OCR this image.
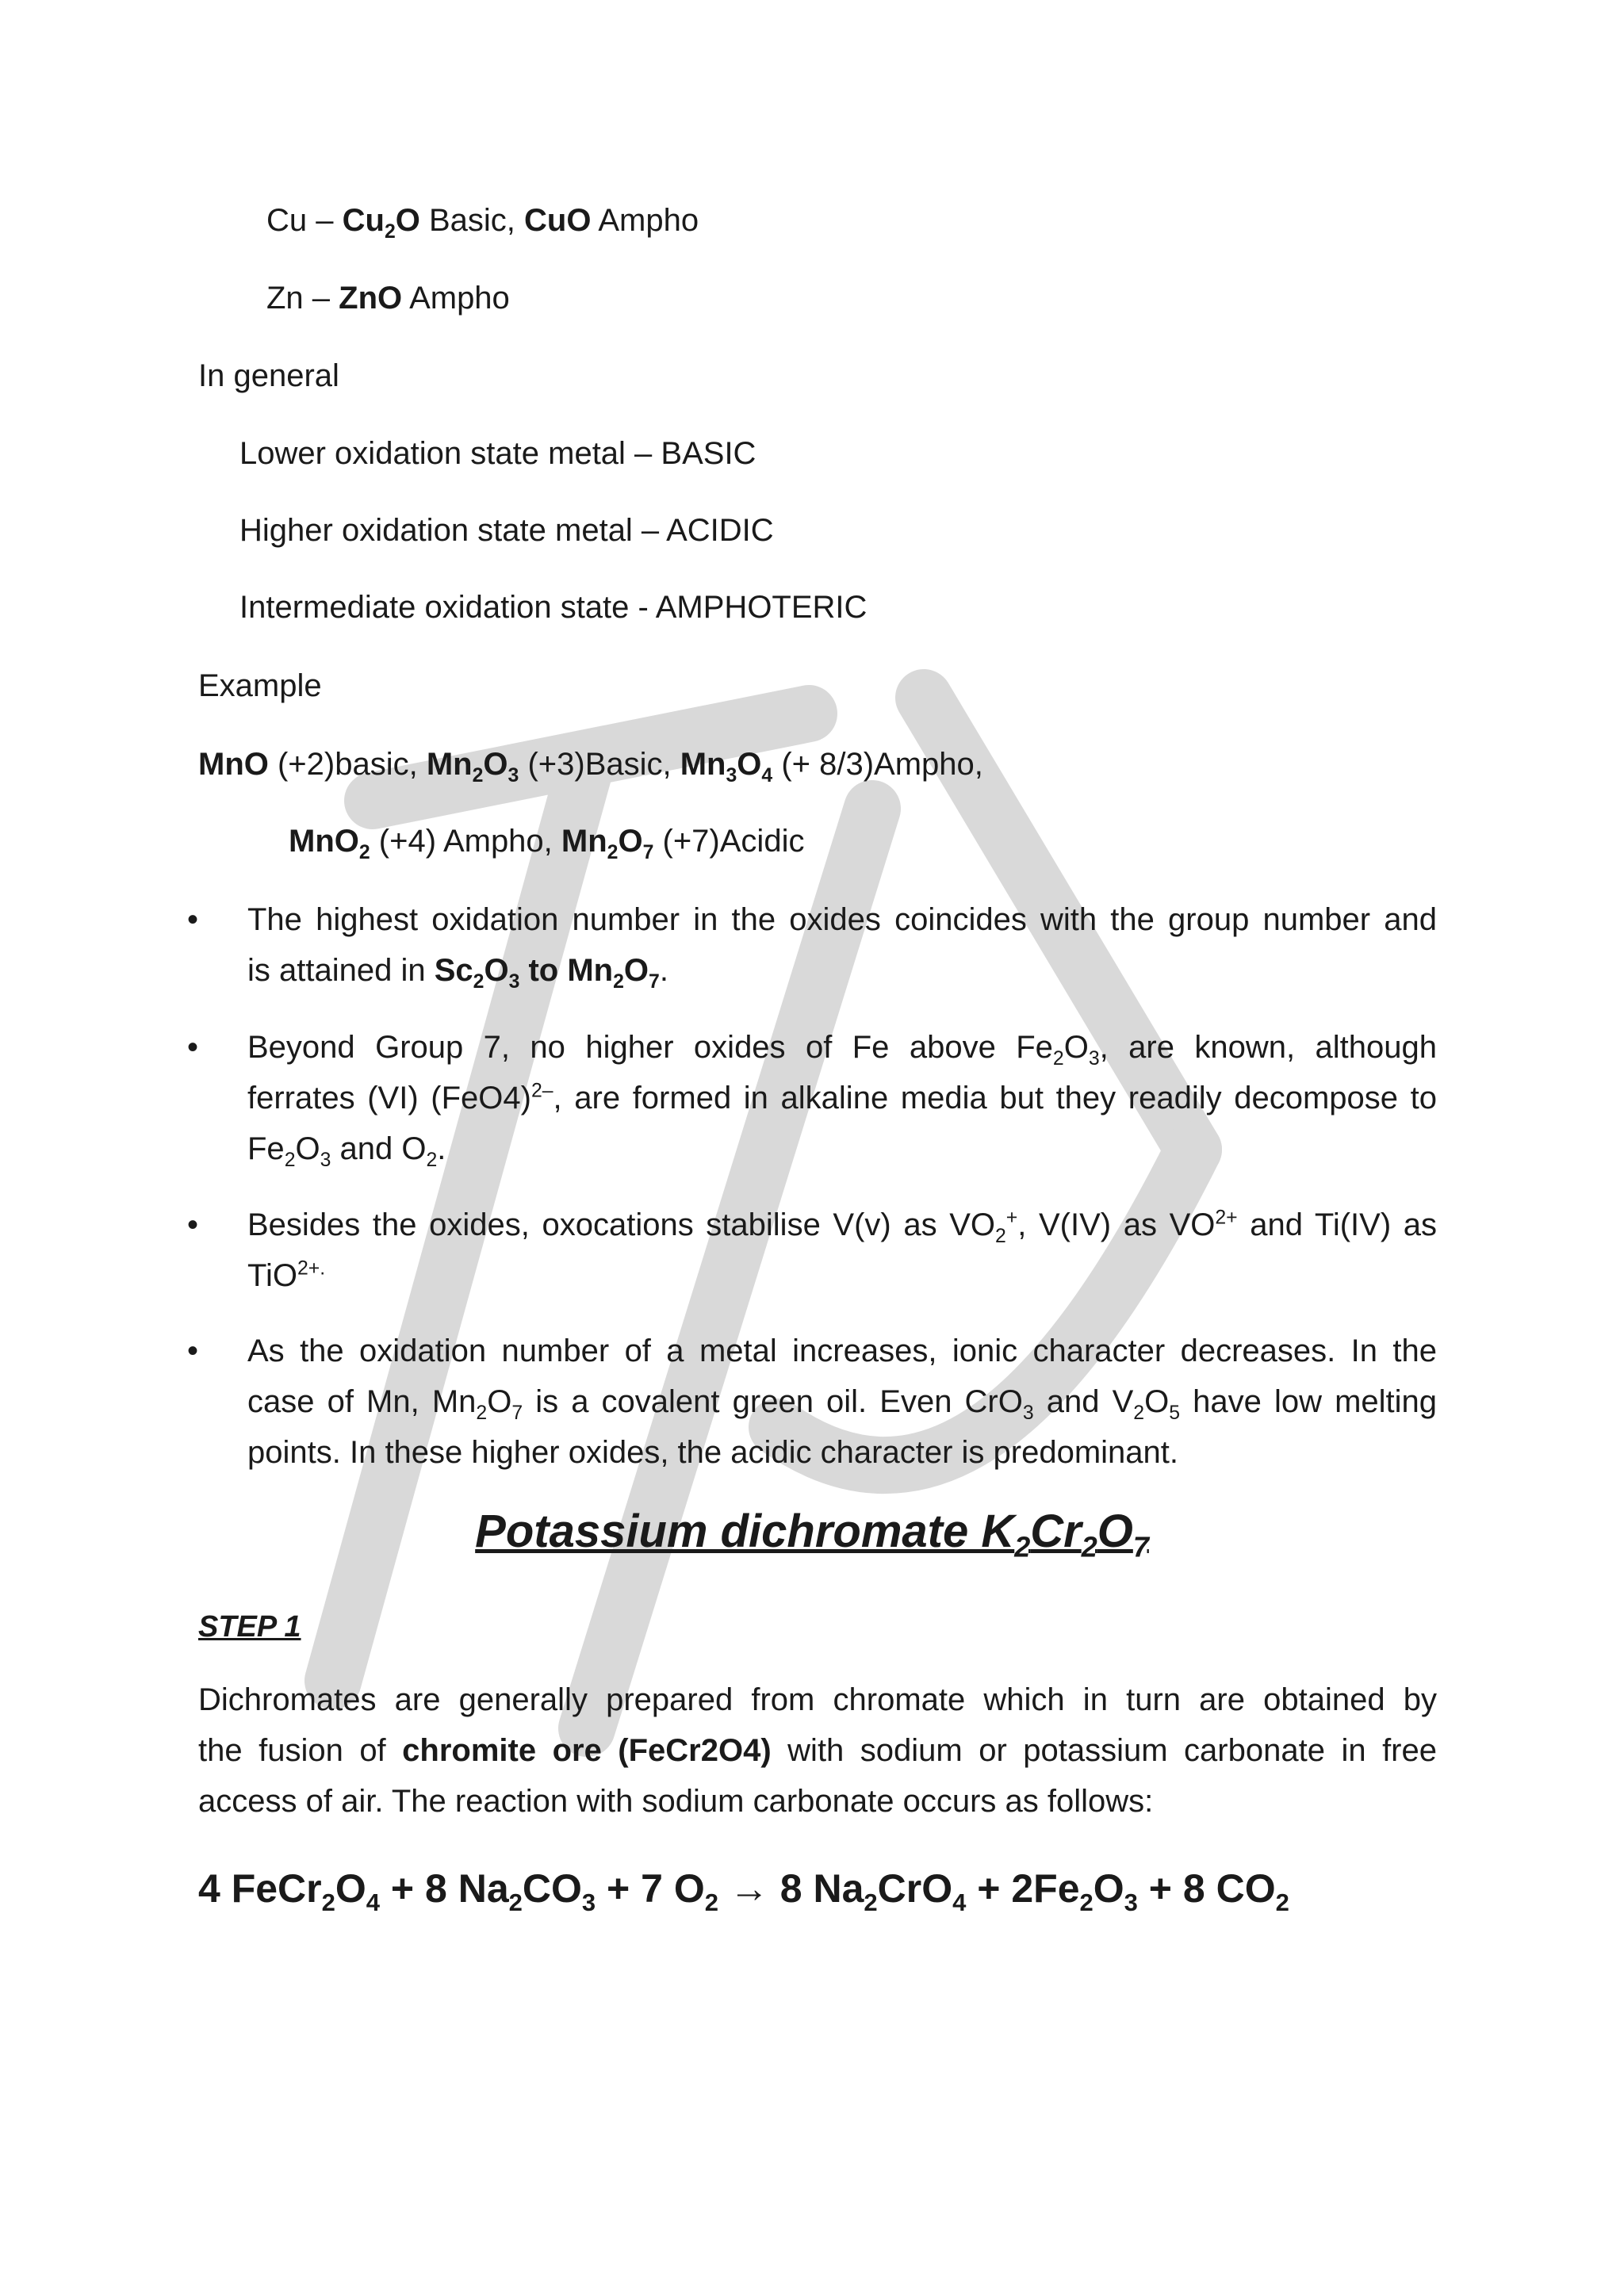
Cu – $Cu_2O$ Basic, CuO Ampho
Zn – ZnO Ampho
In general
Lower oxidation state metal – BASIC
Higher oxidation state metal – ACIDIC
Intermediate oxidation state - AMPHOTERIC
Example
MnO (+2)basic, $Mn_2O_3$ (+3)Basic, $Mn_3O_4$ (+ 8/3)Ampho,
MnO$_2$ (+4) Ampho, $Mn_2O_7$ (+7)Acidic
• The highest oxidation number in the oxides coincides with the group number and
is attained in $Sc_2O_3$ to $Mn_2O_7$.
• Beyond Group 7, no higher oxides of Fe above $Fe_2O_3$, are known, although
ferrates (VI) $(FeO4)^{2-}$, are formed in alkaline media but they readily decompose to
$Fe_2O_3$ and $O_2$.
• Besides the oxides, oxocations stabilise V(v) as $VO_2^+$, V(IV) as $VO^{2+}$ and Ti(IV) as
TiO$^{2+.}$
• As the oxidation number of a metal increases, ionic character decreases. In the
case of Mn, $Mn_2O_7$ is a covalent green oil. Even CrO$_3$ and $V_2O_5$ have low melting
points. In these higher oxides, the acidic character is predominant.
Potassium dichromate $K_2Cr_2O_7$
STEP 1
Dichromates are generally prepared from chromate which in turn are obtained by
the fusion of chromite ore (FeCr2O4) with sodium or potassium carbonate in free
access of air. The reaction with sodium carbonate occurs as follows:
4 $FeCr_2O_4 + 8$ $Na_2CO_3 + 7$ $O_2 \to 8$ $Na_2CrO_4 + 2Fe_2O_3 + 8$ $CO_2$
